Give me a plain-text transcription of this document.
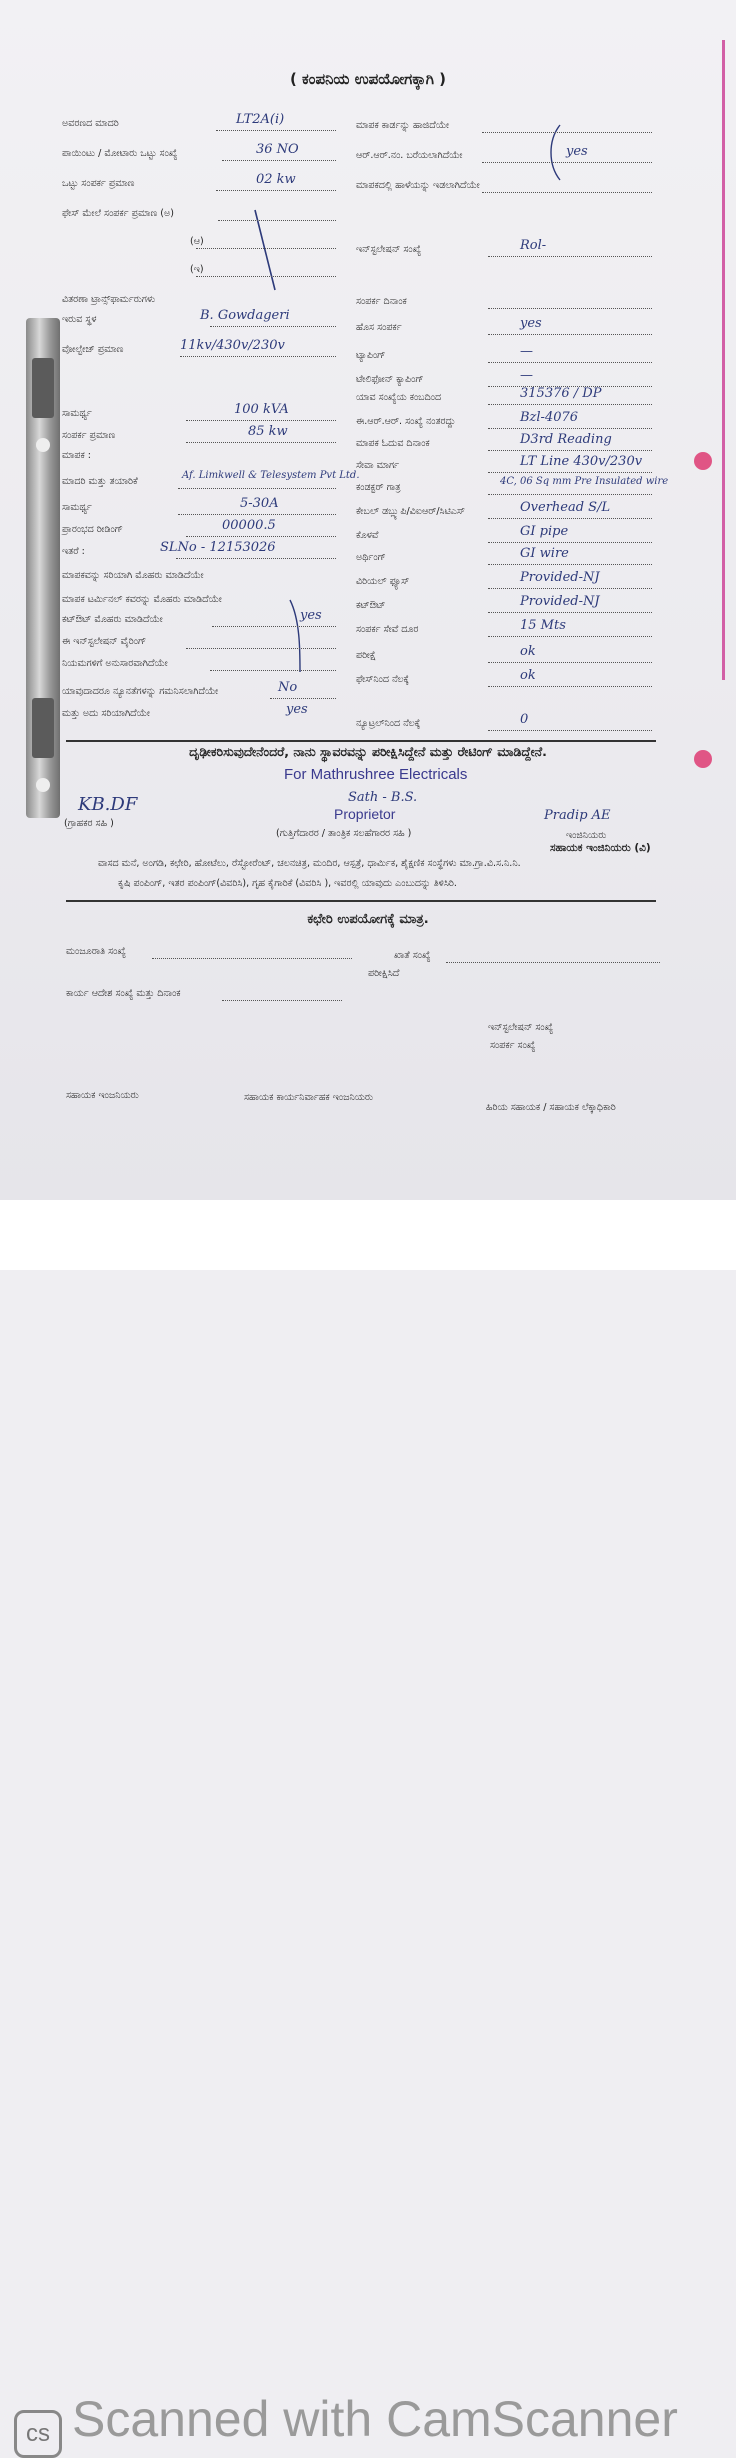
( ಕಂಪನಿಯ ಉಪಯೋಗಕ್ಕಾಗಿ )
ದೃಢೀಕರಿಸುವುದೇನೆಂದರೆ, ನಾನು ಸ್ಥಾವರವನ್ನು ಪರೀಕ್ಷಿಸಿದ್ದೇನೆ ಮತ್ತು ರೇಟಿಂಗ್ ಮಾಡಿದ್ದೇನೆ.
For Mathrushree Electricals
Sath - B.S.
Proprietor
KB.DF
(ಗ್ರಾಹಕರ ಸಹಿ )
(ಗುತ್ತಿಗೆದಾರರ / ತಾಂತ್ರಿಕ ಸಲಹೆಗಾರರ ಸಹಿ )
Pradip AE
ಇಂಜಿನಿಯರು
ಸಹಾಯಕ ಇಂಜಿನಿಯರು (ವಿ)
ವಾಸದ ಮನೆ, ಅಂಗಡಿ, ಕಛೇರಿ, ಹೋಟೆಲು, ರೆಸ್ಟೋರೆಂಟ್, ಚಲನಚಿತ್ರ, ಮಂದಿರ, ಆಸ್ಪತ್ರೆ, ಧಾರ್ಮಿಕ, ಶೈಕ್ಷಣಿಕ ಸಂಸ್ಥೆಗಳು ಮಾ.ಗ್ರಾ.ವಿ.ಸ.ನಿ.ನಿ.
ಕೃಷಿ ಪಂಪಿಂಗ್, ಇತರ ಪಂಪಿಂಗ್(ವಿವರಿಸಿ), ಗೃಹ ಕೈಗಾರಿಕೆ (ವಿವರಿಸಿ ), ಇವರಲ್ಲಿ ಯಾವುದು ಎಂಬುದನ್ನು ತಿಳಿಸಿರಿ.
ಕಛೇರಿ ಉಪಯೋಗಕ್ಕೆ ಮಾತ್ರ.
ಮಂಜೂರಾತಿ ಸಂಖ್ಯೆ	ಖಾತೆ ಸಂಖ್ಯೆ
ಪರೀಕ್ಷಿಸಿದೆ
ಕಾರ್ಯ ಆದೇಶ ಸಂಖ್ಯೆ ಮತ್ತು ದಿನಾಂಕ
ಇನ್‌ಸ್ಟಲೇಷನ್ ಸಂಖ್ಯೆ
ಸಂಪರ್ಕ ಸಂಖ್ಯೆ
ಸಹಾಯಕ ಇಂಜನಿಯರು	ಸಹಾಯಕ ಕಾರ್ಯನಿರ್ವಾಹಕ ಇಂಜನಿಯರು
ಹಿರಿಯ ಸಹಾಯಕ / ಸಹಾಯಕ ಲೆಕ್ಕಾಧಿಕಾರಿ
ಅವರಣದ ಮಾದರಿ	LT2A(i)
ಪಾಯಿಂಟು / ಮೋಟಾರು ಒಟ್ಟು ಸಂಖ್ಯೆ	36 NO
ಒಟ್ಟು ಸಂಪರ್ಕ ಪ್ರಮಾಣ	02 kw
ಫೇಸ್ ಮೇಲೆ ಸಂಪರ್ಕ ಪ್ರಮಾಣ (ಅ)
(ಆ)
(ಇ)
ವಿತರಣಾ ಟ್ರಾನ್ಸ್‌ಫಾರ್ಮರುಗಳು
ಇರುವ ಸ್ಥಳ	B. Gowdageri
ವೋಲ್ಟೇಜ್ ಪ್ರಮಾಣ	11kv/430v/230v
ಸಾಮರ್ಥ್ಯ	100 kVA
ಸಂಪರ್ಕ ಪ್ರಮಾಣ	85 kw
ಮಾಪಕ :
ಮಾದರಿ ಮತ್ತು ತಯಾರಿಕೆ
Af. Limkwell & Telesystem Pvt Ltd.
ಸಾಮರ್ಥ್ಯ	5-30A
ಪ್ರಾರಂಭದ ರೀಡಿಂಗ್	00000.5
ಇತರೆ :	SLNo - 12153026
ಮಾಪಕವನ್ನು ಸರಿಯಾಗಿ ಮೊಹರು ಮಾಡಿದೆಯೇ
ಮಾಪಕ ಟರ್ಮಿನಲ್ ಕವರನ್ನು ಮೊಹರು ಮಾಡಿದೆಯೇ
ಕಟ್‌ಔಟ್ ಮೊಹರು ಮಾಡಿದೆಯೇ	yes
ಈ ಇನ್‌ಸ್ಟಲೇಷನ್ ವೈರಿಂಗ್
ನಿಯಮಗಳಿಗೆ ಅನುಸಾರವಾಗಿದೆಯೇ
ಯಾವುದಾದರೂ ನ್ಯೂನತೆಗಳನ್ನು ಗಮನಿಸಲಾಗಿದೆಯೇ	No
ಮತ್ತು ಅದು ಸರಿಯಾಗಿದೆಯೇ	yes
ಮಾಪಕ ಕಾರ್ಡನ್ನು ಹಾಜಿದೆಯೇ
ಆರ್.ಆರ್.ನಂ. ಬರೆಯಲಾಗಿದೆಯೇ	yes
ಮಾಪಕದಲ್ಲಿ ಹಾಳೆಯನ್ನು ಇಡಲಾಗಿದೆಯೇ
ಇನ್‌ಸ್ಟಲೇಷನ್ ಸಂಖ್ಯೆ	Rol-
ಸಂಪರ್ಕ ದಿನಾಂಕ
ಹೊಸ ಸಂಪರ್ಕ	yes
ಟ್ಯಾಪಿಂಗ್	—
ಟೇಲಿಫೋನ್ ಕ್ಯಾಪಿಂಗ್	—
ಯಾವ ಸಂಖ್ಯೆಯ ಕಂಬದಿಂದ	315376 / DP
ಈ.ಆರ್.ಆರ್. ಸಂಖ್ಯೆ ನಂತರದ್ದು	Bzl-4076
ಮಾಪಕ ಓದುವ ದಿನಾಂಕ	D3rd Reading
ಸೇವಾ ಮಾರ್ಗ	LT Line 430v/230v
ಕಂಡಕ್ಟರ್ ಗಾತ್ರ
4C, 06 Sq mm Pre Insulated wire
ಕೇಬಲ್ ಡಬ್ಲ್ಯುಪಿ/ವಿಐಆರ್/ಸಿಟಿಎಸ್	Overhead S/L
ಕೊಳವೆ	GI pipe
ಅರ್ಥಿಂಗ್	GI wire
ವಿರಿಯಲ್ ಫ್ಯೂಸ್	Provided-NJ
ಕಟ್‌ಔಟ್	Provided-NJ
ಸಂಪರ್ಕ ಸೇವೆ ದೂರ	15 Mts
ಪರೀಕ್ಷೆ	ok
ಫೇಸ್‌ನಿಂದ ನೆಲಕ್ಕೆ	ok
ನ್ಯೂಟ್ರಲ್‌ನಿಂದ ನೆಲಕ್ಕೆ	0
cs Scanned with CamScanner
